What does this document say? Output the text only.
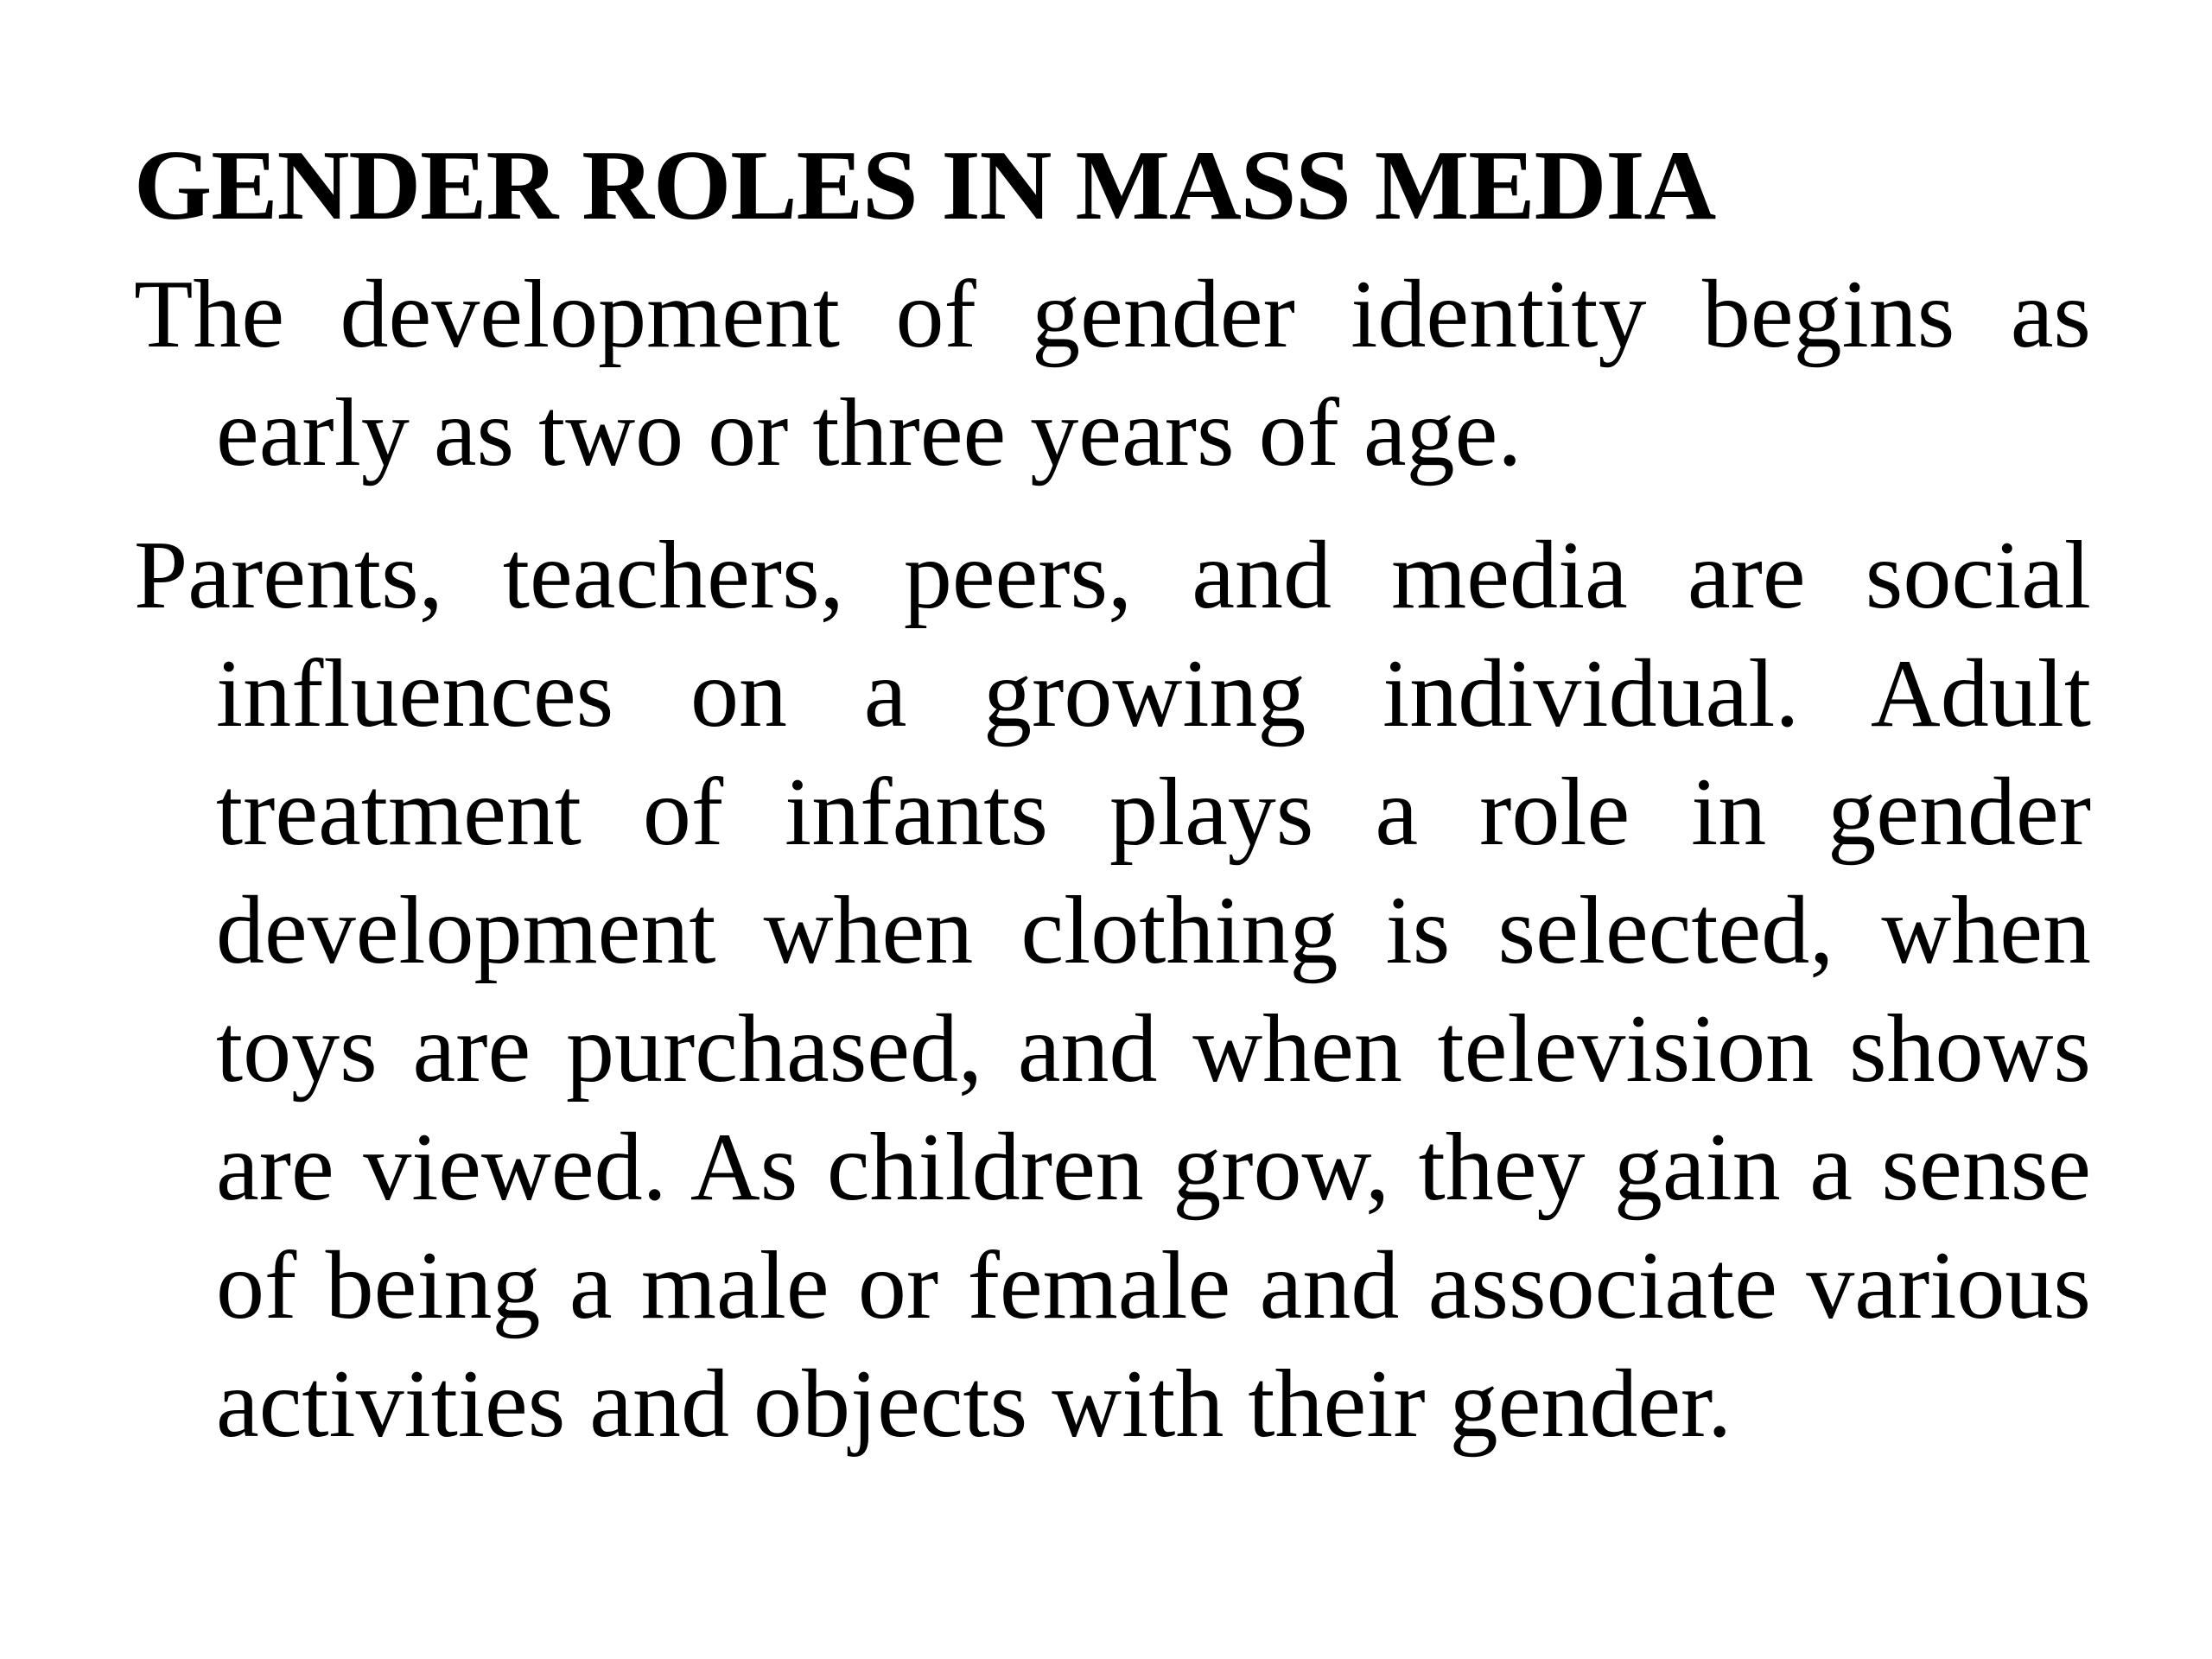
GENDER ROLES IN MASS MEDIA

The development of gender identity begins as early as two or three years of age.

Parents, teachers, peers, and media are social influences on a growing individual. Adult treatment of infants plays a role in gender development when clothing is selected, when toys are purchased, and when television shows are viewed. As children grow, they gain a sense of being a male or female and associate various activities and objects with their gender.
